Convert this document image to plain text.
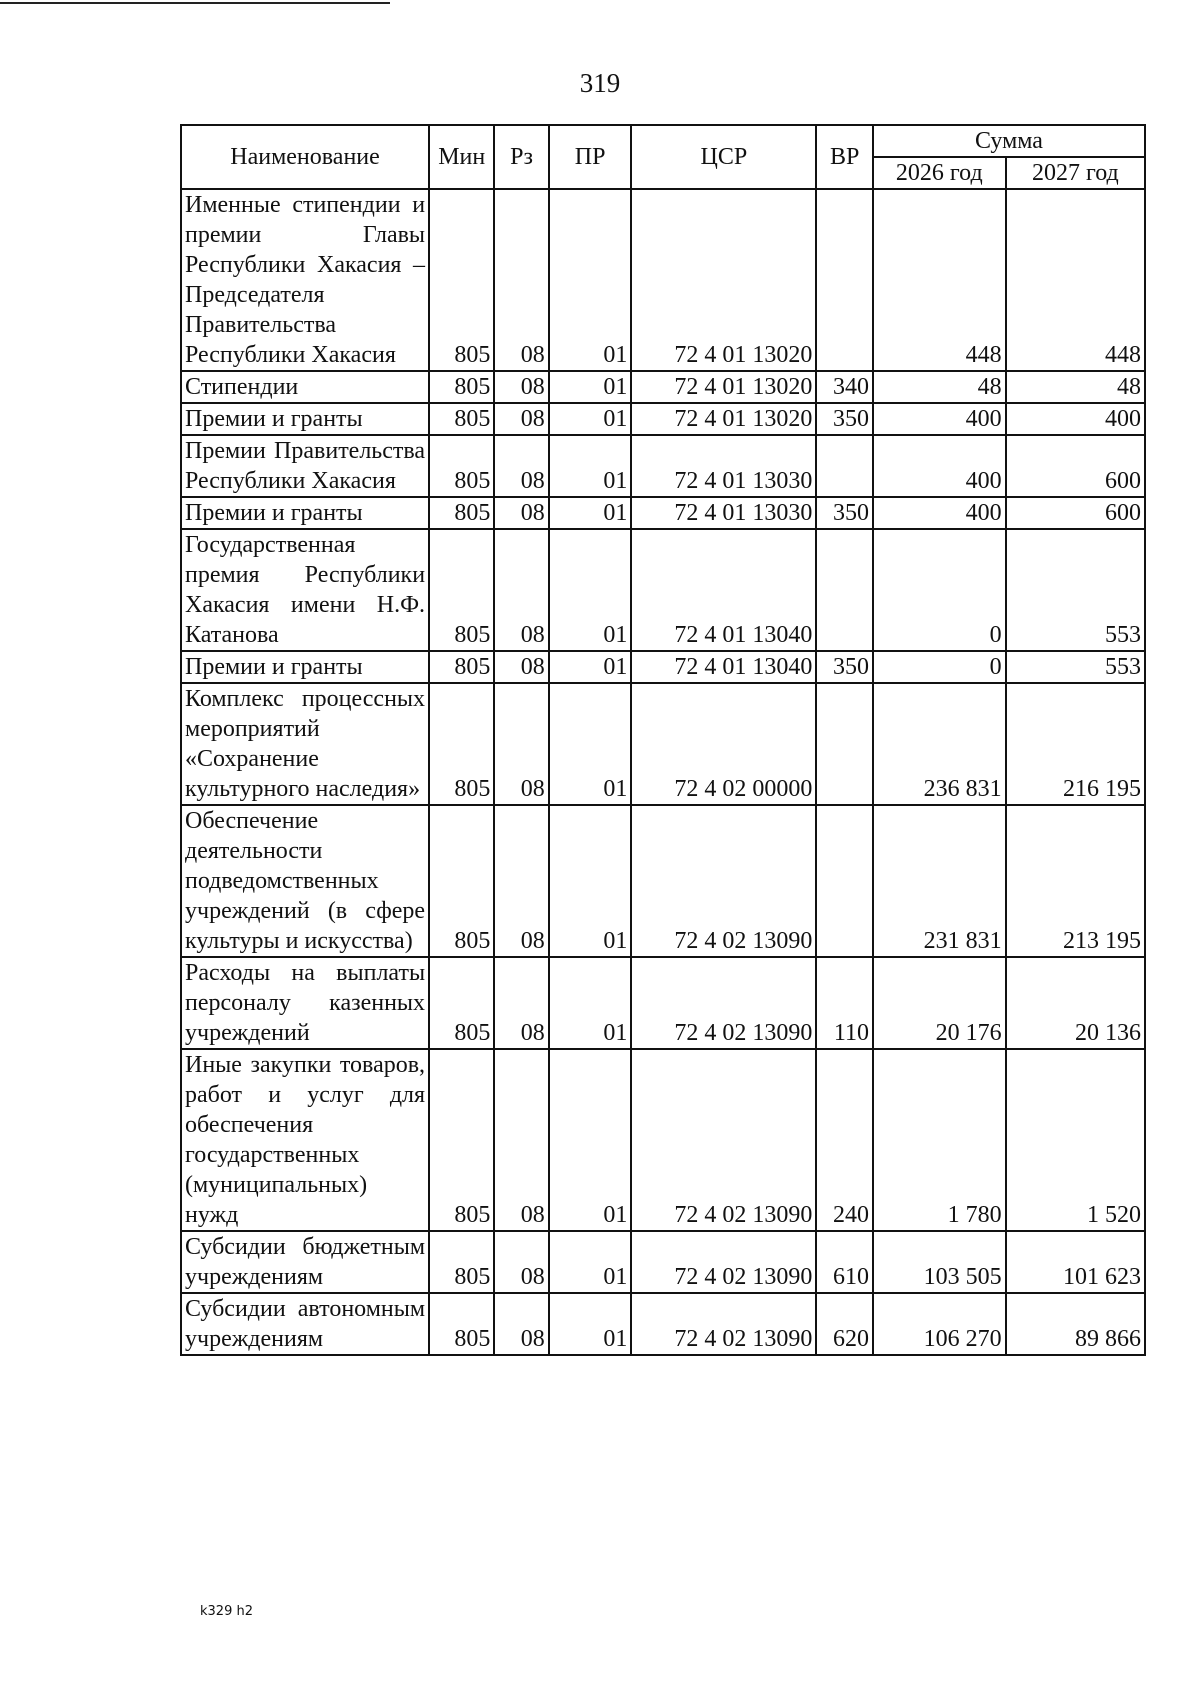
319
Наименование	Мин	Рз	ПР	ЦСР	ВР	Сумма	
						2026 год	2027 год
Именные стипендии и премии Главы Республики Хакасия – Председателя Правительства Республики Хакасия	805	08	01	72 4 01 13020		448	448
Стипендии	805	08	01	72 4 01 13020	340	48	48
Премии и гранты	805	08	01	72 4 01 13020	350	400	400
Премии Правительства Республики Хакасия	805	08	01	72 4 01 13030		400	600
Премии и гранты	805	08	01	72 4 01 13030	350	400	600
Государственная премия Республики Хакасия имени Н.Ф. Катанова	805	08	01	72 4 01 13040		0	553
Премии и гранты	805	08	01	72 4 01 13040	350	0	553
Комплекс процессных мероприятий «Сохранение культурного наследия»	805	08	01	72 4 02 00000		236 831	216 195
Обеспечение деятельности подведомственных учреждений (в сфере культуры и искусства)	805	08	01	72 4 02 13090		231 831	213 195
Расходы на выплаты персоналу казенных учреждений	805	08	01	72 4 02 13090	110	20 176	20 136
Иные закупки товаров, работ и услуг для обеспечения государственных (муниципальных) нужд	805	08	01	72 4 02 13090	240	1 780	1 520
Субсидии бюджетным учреждениям	805	08	01	72 4 02 13090	610	103 505	101 623
Субсидии автономным учреждениям	805	08	01	72 4 02 13090	620	106 270	89 866
k329 h2
